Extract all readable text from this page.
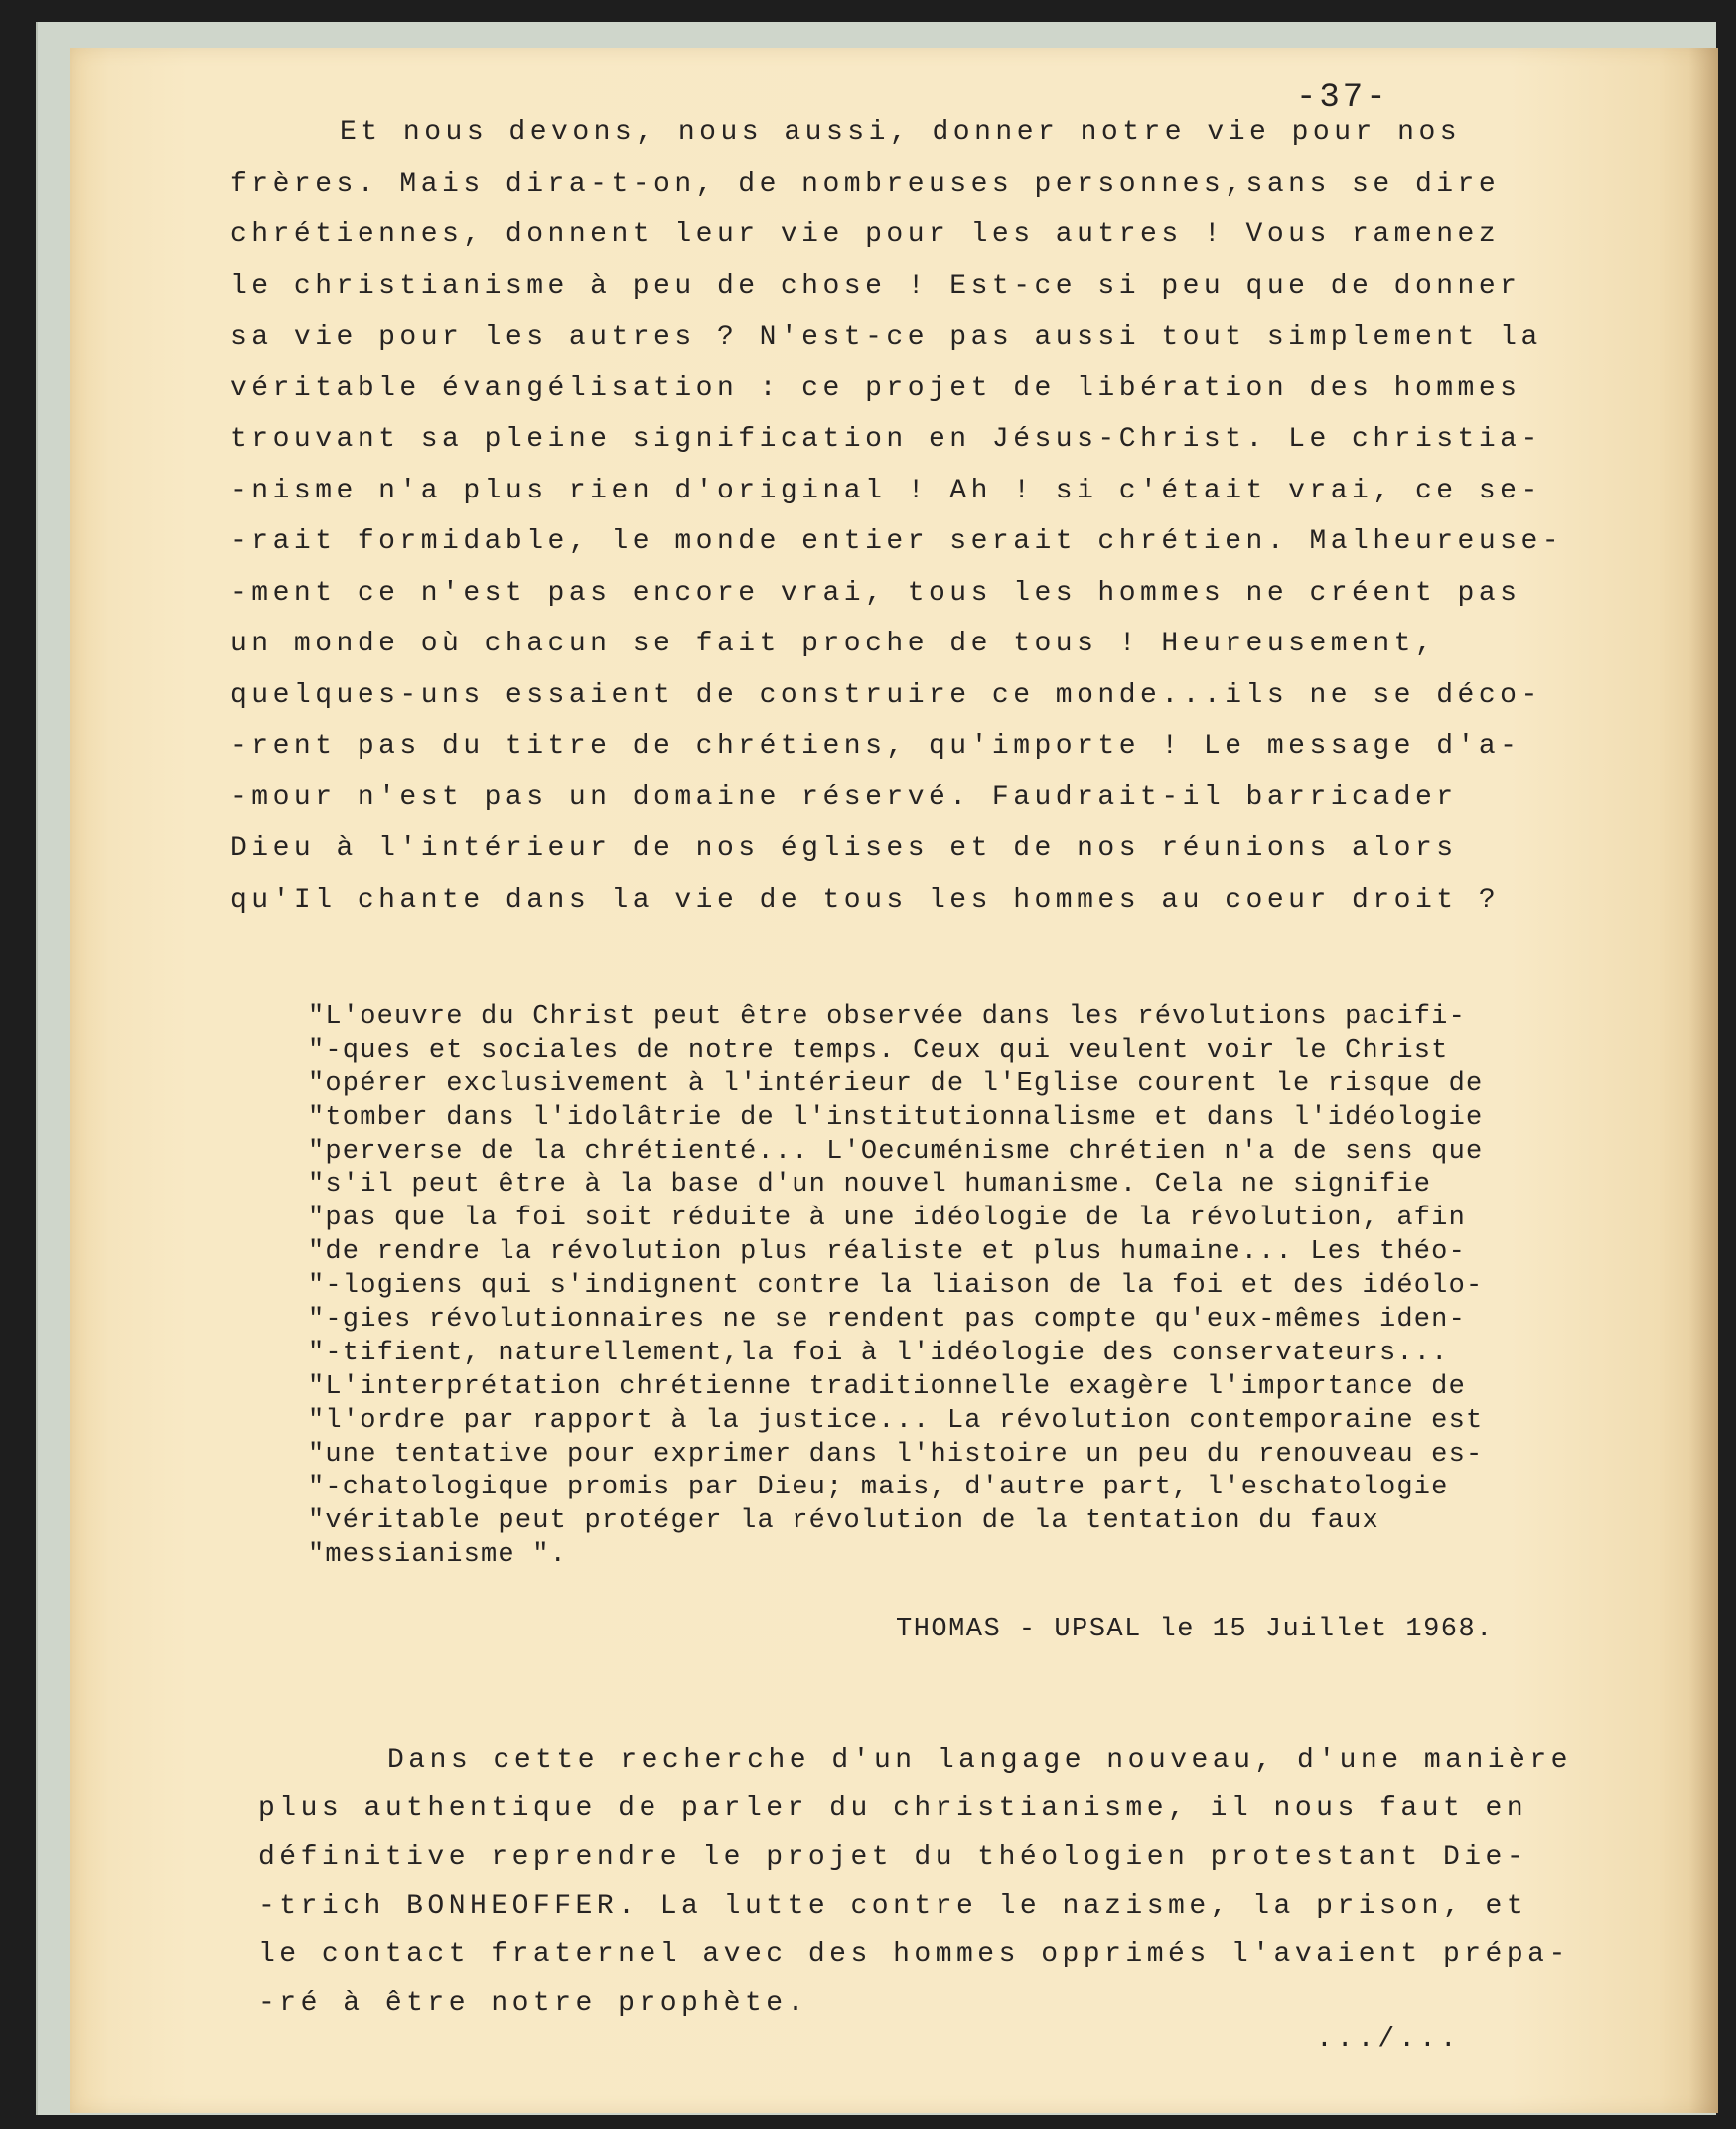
-37-
Et nous devons, nous aussi, donner notre vie pour nos
frères. Mais dira-t-on, de nombreuses personnes,sans se dire
chrétiennes, donnent leur vie pour les autres ! Vous ramenez
le christianisme à peu de chose ! Est-ce si peu que de donner
sa vie pour les autres ? N'est-ce pas aussi tout simplement la
véritable évangélisation : ce projet de libération des hommes
trouvant sa pleine signification en Jésus-Christ. Le christia-
-nisme n'a plus rien d'original ! Ah ! si c'était vrai, ce se-
-rait formidable, le monde entier serait chrétien. Malheureuse-
-ment ce n'est pas encore vrai, tous les hommes ne créent pas
un monde où chacun se fait proche de tous ! Heureusement,
quelques-uns essaient de construire ce monde...ils ne se déco-
-rent pas du titre de chrétiens, qu'importe ! Le message d'a-
-mour n'est pas un domaine réservé. Faudrait-il barricader
Dieu à l'intérieur de nos églises et de nos réunions alors
qu'Il chante dans la vie de tous les hommes au coeur droit ?
"L'oeuvre du Christ peut être observée dans les révolutions pacifi-
"-ques et sociales de notre temps. Ceux qui veulent voir le Christ
"opérer exclusivement à l'intérieur de l'Eglise courent le risque de
"tomber dans l'idolâtrie de l'institutionnalisme et dans l'idéologie
"perverse de la chrétienté... L'Oecuménisme chrétien n'a de sens que
"s'il peut être à la base d'un nouvel humanisme. Cela ne signifie
"pas que la foi soit réduite à une idéologie de la révolution, afin
"de rendre la révolution plus réaliste et plus humaine... Les théo-
"-logiens qui s'indignent contre la liaison de la foi et des idéolo-
"-gies révolutionnaires ne se rendent pas compte qu'eux-mêmes iden-
"-tifient, naturellement,la foi à l'idéologie des conservateurs...
"L'interprétation chrétienne traditionnelle exagère l'importance de
"l'ordre par rapport à la justice... La révolution contemporaine est
"une tentative pour exprimer dans l'histoire un peu du renouveau es-
"-chatologique promis par Dieu; mais, d'autre part, l'eschatologie
"véritable peut protéger la révolution de la tentation du faux
"messianisme ".
THOMAS - UPSAL le 15 Juillet 1968.
Dans cette recherche d'un langage nouveau, d'une manière
plus authentique de parler du christianisme, il nous faut en
définitive reprendre le projet du théologien protestant Die-
-trich BONHEOFFER. La lutte contre le nazisme, la prison, et
le contact fraternel avec des hommes opprimés l'avaient prépa-
-ré à être notre prophète.
.../...
